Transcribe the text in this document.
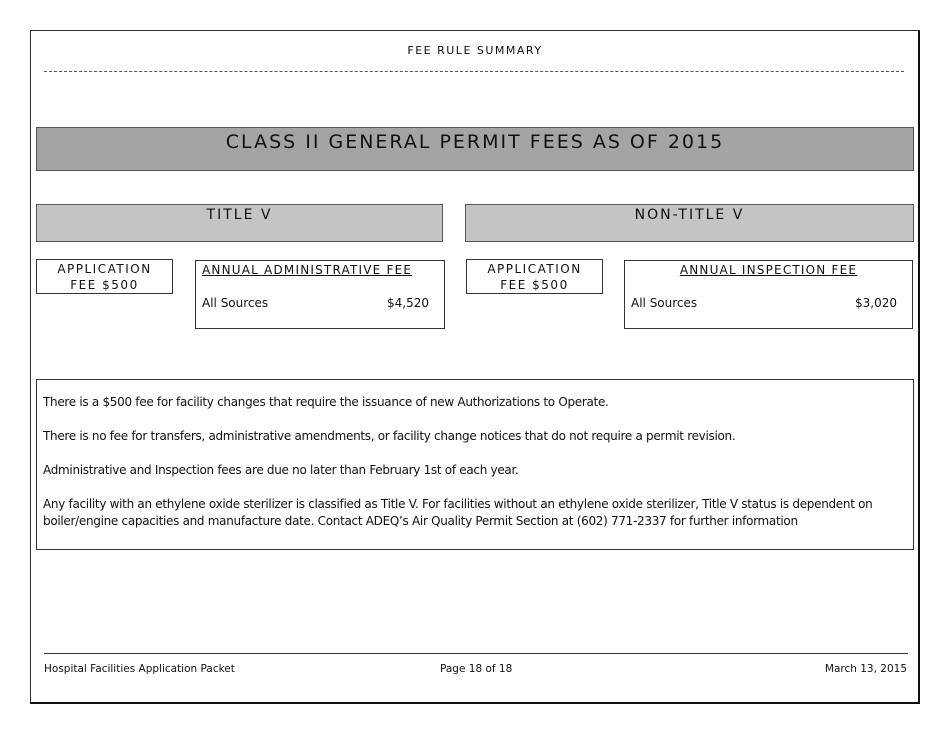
FEE RULE SUMMARY
CLASS II GENERAL PERMIT FEES AS OF 2015
TITLE V
APPLICATION
FEE $500
ANNUAL ADMINISTRATIVE FEE
All Sources	$4,520
NON-TITLE V
APPLICATION
FEE $500
ANNUAL INSPECTION FEE
All Sources	$3,020

There is a $500 fee for facility changes that require the issuance of new Authorizations to Operate.

There is no fee for transfers, administrative amendments, or facility change notices that do not require a permit revision.

Administrative and Inspection fees are due no later than February 1st of each year.

Any facility with an ethylene oxide sterilizer is classified as Title V. For facilities without an ethylene oxide sterilizer, Title V status is dependent on boiler/engine capacities and manufacture date. Contact ADEQ’s Air Quality Permit Section at (602) 771-2337 for further information

Hospital Facilities Application Packet	Page 18 of 18	March 13, 2015
